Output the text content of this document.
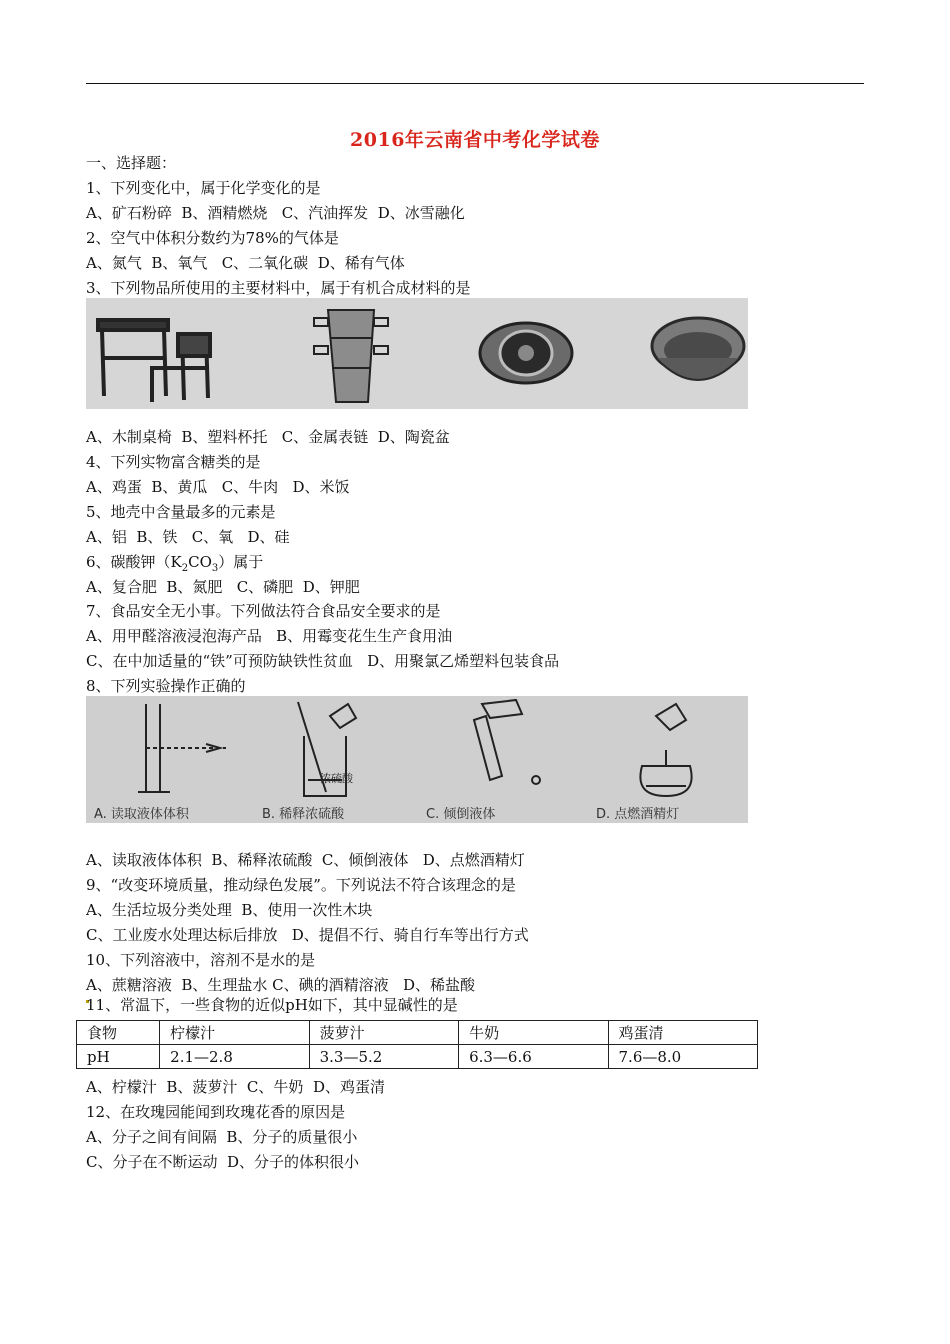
2016年云南省中考化学试卷
一、选择题：
1、下列变化中，属于化学变化的是
A、矿石粉碎  B、酒精燃烧   C、汽油挥发  D、冰雪融化
2、空气中体积分数约为78%的气体是
A、氮气  B、氧气   C、二氧化碳  D、稀有气体
3、下列物品所使用的主要材料中，属于有机合成材料的是
A、木制桌椅  B、塑料杯托   C、金属表链  D、陶瓷盆
4、下列实物富含糖类的是
A、鸡蛋  B、黄瓜   C、牛肉   D、米饭
5、地壳中含量最多的元素是
A、铝  B、铁   C、氧   D、硅
6、碳酸钾$(K_2CO_3)$属于
A、复合肥  B、氮肥   C、磷肥  D、钾肥
7、食品安全无小事。下列做法符合食品安全要求的是
A、用甲醛溶液浸泡海产品   B、用霉变花生生产食用油
C、在中加适量的“铁”可预防缺铁性贫血   D、用聚氯乙烯塑料包装食品
8、下列实验操作正确的
浓硫酸
A. 读取液体体积	B. 稀释浓硫酸	C. 倾倒液体	D. 点燃酒精灯
A、读取液体体积  B、稀释浓硫酸  C、倾倒液体   D、点燃酒精灯
9、“改变环境质量，推动绿色发展”。下列说法不符合该理念的是
A、生活垃圾分类处理  B、使用一次性木块
C、工业废水处理达标后排放   D、提倡不行、骑自行车等出行方式
10、下列溶液中，溶剂不是水的是
A、蔗糖溶液  B、生理盐水 C、碘的酒精溶液   D、稀盐酸
11、常温下，一些食物的近似pH如下，其中显碱性的是
食物	柠檬汁	菠萝汁	牛奶	鸡蛋清
pH	2.1—2.8	3.3—5.2	6.3—6.6	7.6—8.0
A、柠檬汁  B、菠萝汁  C、牛奶  D、鸡蛋清
12、在玫瑰园能闻到玫瑰花香的原因是
A、分子之间有间隔  B、分子的质量很小
C、分子在不断运动  D、分子的体积很小
